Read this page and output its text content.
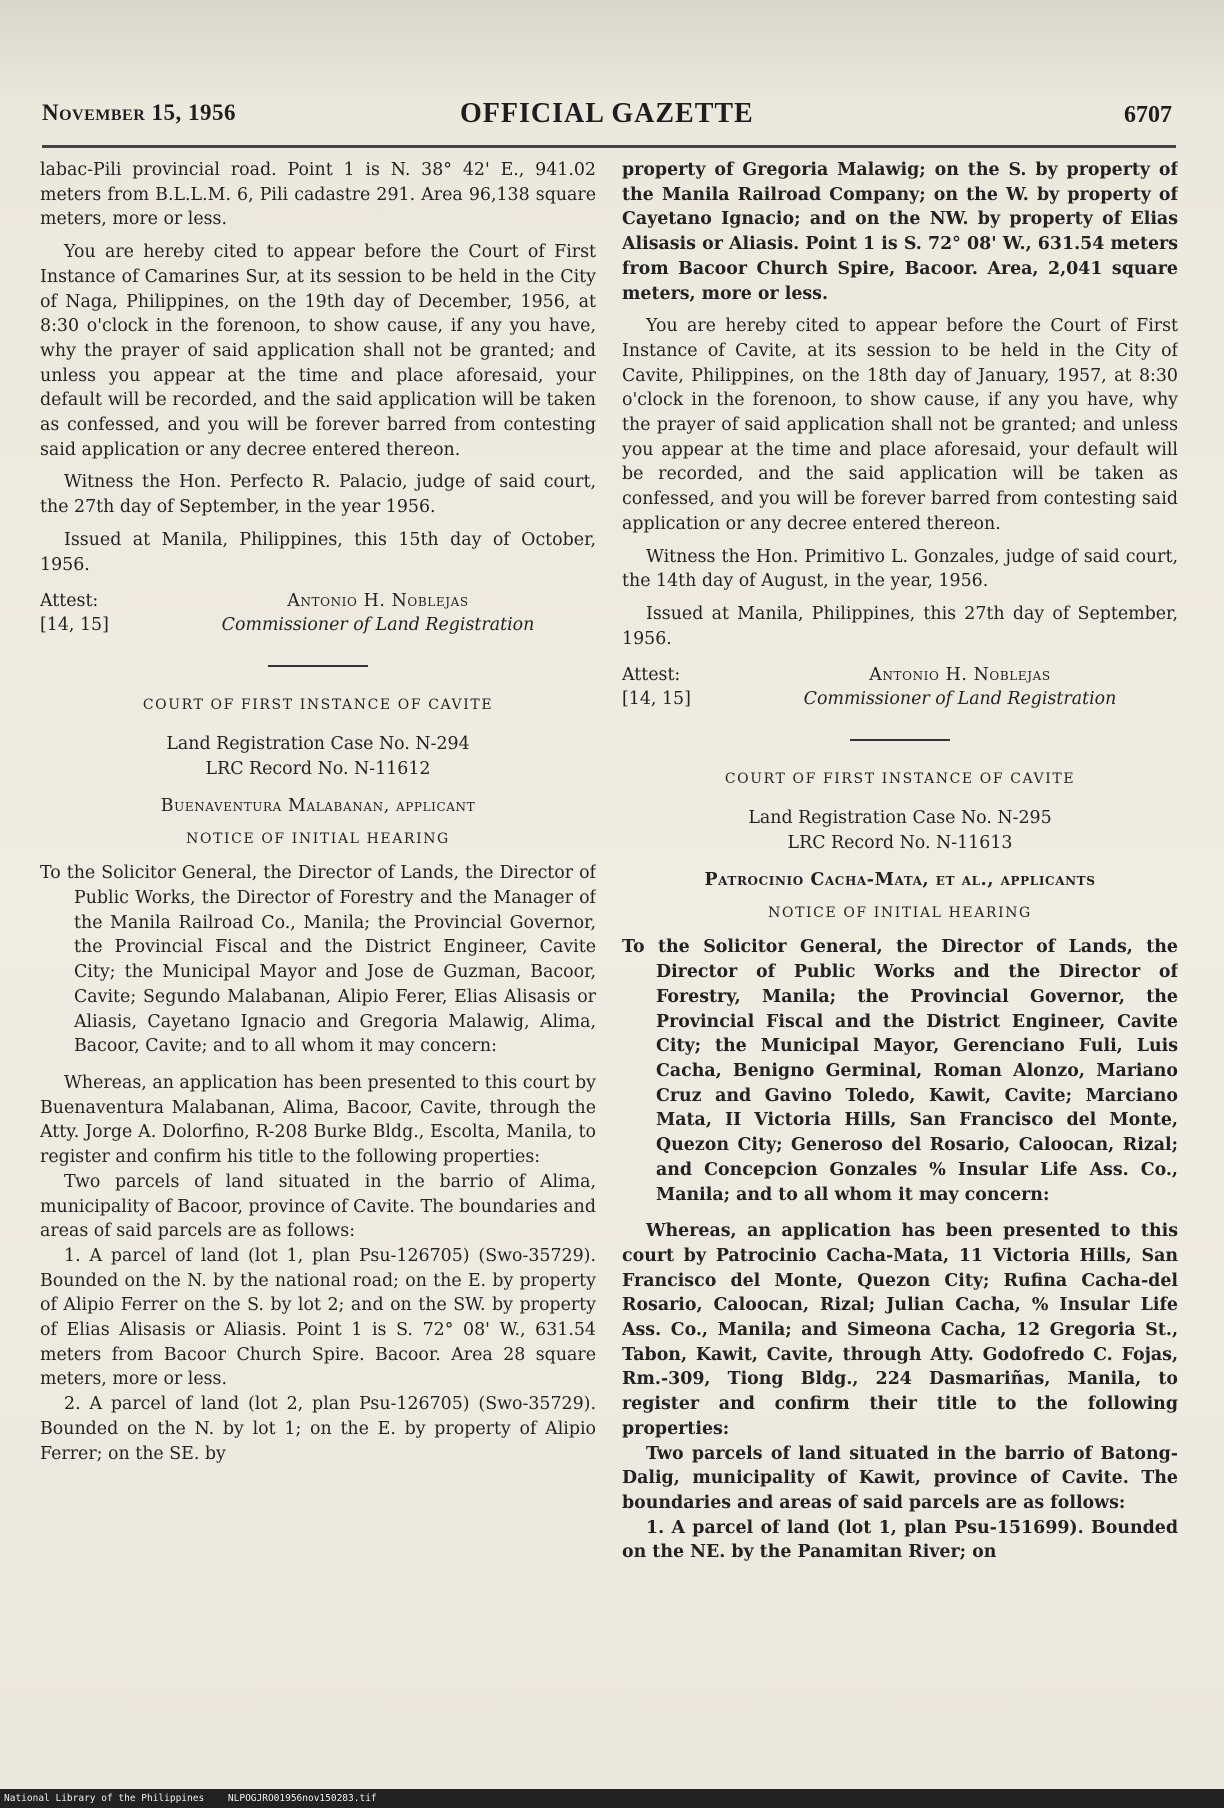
November 15, 1956	OFFICIAL GAZETTE	6707

labac-Pili provincial road. Point 1 is N. 38° 42' E., 941.02 meters from B.L.L.M. 6, Pili cadastre 291. Area 96,138 square meters, more or less.

You are hereby cited to appear before the Court of First Instance of Camarines Sur, at its session to be held in the City of Naga, Philippines, on the 19th day of December, 1956, at 8:30 o'clock in the forenoon, to show cause, if any you have, why the prayer of said application shall not be granted; and unless you appear at the time and place aforesaid, your default will be recorded, and the said application will be taken as confessed, and you will be forever barred from contesting said application or any decree entered thereon.

Witness the Hon. Perfecto R. Palacio, judge of said court, the 27th day of September, in the year 1956.

Issued at Manila, Philippines, this 15th day of October, 1956.

Attest:
[14, 15]
Antonio H. Noblejas
Commissioner of Land Registration
COURT OF FIRST INSTANCE OF CAVITE
Land Registration Case No. N-294
LRC Record No. N-11612
Buenaventura Malabanan, applicant
NOTICE OF INITIAL HEARING

To the Solicitor General, the Director of Lands, the Director of Public Works, the Director of Forestry and the Manager of the Manila Railroad Co., Manila; the Provincial Governor, the Provincial Fiscal and the District Engineer, Cavite City; the Municipal Mayor and Jose de Guzman, Bacoor, Cavite; Segundo Malabanan, Alipio Ferer, Elias Alisasis or Aliasis, Cayetano Ignacio and Gregoria Malawig, Alima, Bacoor, Cavite; and to all whom it may concern:

Whereas, an application has been presented to this court by Buenaventura Malabanan, Alima, Bacoor, Cavite, through the Atty. Jorge A. Dolorfino, R-208 Burke Bldg., Escolta, Manila, to register and confirm his title to the following properties:

Two parcels of land situated in the barrio of Alima, municipality of Bacoor, province of Cavite. The boundaries and areas of said parcels are as follows:

1. A parcel of land (lot 1, plan Psu-126705) (Swo-35729). Bounded on the N. by the national road; on the E. by property of Alipio Ferrer on the S. by lot 2; and on the SW. by property of Elias Alisasis or Aliasis. Point 1 is S. 72° 08' W., 631.54 meters from Bacoor Church Spire. Bacoor. Area 28 square meters, more or less.

2. A parcel of land (lot 2, plan Psu-126705) (Swo-35729). Bounded on the N. by lot 1; on the E. by property of Alipio Ferrer; on the SE. by

property of Gregoria Malawig; on the S. by property of the Manila Railroad Company; on the W. by property of Cayetano Ignacio; and on the NW. by property of Elias Alisasis or Aliasis. Point 1 is S. 72° 08' W., 631.54 meters from Bacoor Church Spire, Bacoor. Area, 2,041 square meters, more or less.

You are hereby cited to appear before the Court of First Instance of Cavite, at its session to be held in the City of Cavite, Philippines, on the 18th day of January, 1957, at 8:30 o'clock in the forenoon, to show cause, if any you have, why the prayer of said application shall not be granted; and unless you appear at the time and place aforesaid, your default will be recorded, and the said application will be taken as confessed, and you will be forever barred from contesting said application or any decree entered thereon.

Witness the Hon. Primitivo L. Gonzales, judge of said court, the 14th day of August, in the year, 1956.

Issued at Manila, Philippines, this 27th day of September, 1956.

Attest:
[14, 15]
Antonio H. Noblejas
Commissioner of Land Registration
COURT OF FIRST INSTANCE OF CAVITE
Land Registration Case No. N-295
LRC Record No. N-11613
Patrocinio Cacha-Mata, et al., applicants
NOTICE OF INITIAL HEARING

To the Solicitor General, the Director of Lands, the Director of Public Works and the Director of Forestry, Manila; the Provincial Governor, the Provincial Fiscal and the District Engineer, Cavite City; the Municipal Mayor, Gerenciano Fuli, Luis Cacha, Benigno Germinal, Roman Alonzo, Mariano Cruz and Gavino Toledo, Kawit, Cavite; Marciano Mata, II Victoria Hills, San Francisco del Monte, Quezon City; Generoso del Rosario, Caloocan, Rizal; and Concepcion Gonzales % Insular Life Ass. Co., Manila; and to all whom it may concern:

Whereas, an application has been presented to this court by Patrocinio Cacha-Mata, 11 Victoria Hills, San Francisco del Monte, Quezon City; Rufina Cacha-del Rosario, Caloocan, Rizal; Julian Cacha, % Insular Life Ass. Co., Manila; and Simeona Cacha, 12 Gregoria St., Tabon, Kawit, Cavite, through Atty. Godofredo C. Fojas, Rm.-309, Tiong Bldg., 224 Dasmariñas, Manila, to register and confirm their title to the following properties:

Two parcels of land situated in the barrio of Batong-Dalig, municipality of Kawit, province of Cavite. The boundaries and areas of said parcels are as follows:

1. A parcel of land (lot 1, plan Psu-151699). Bounded on the NE. by the Panamitan River; on

National Library of the Philippines NLPOGJRO01956nov150283.tif
